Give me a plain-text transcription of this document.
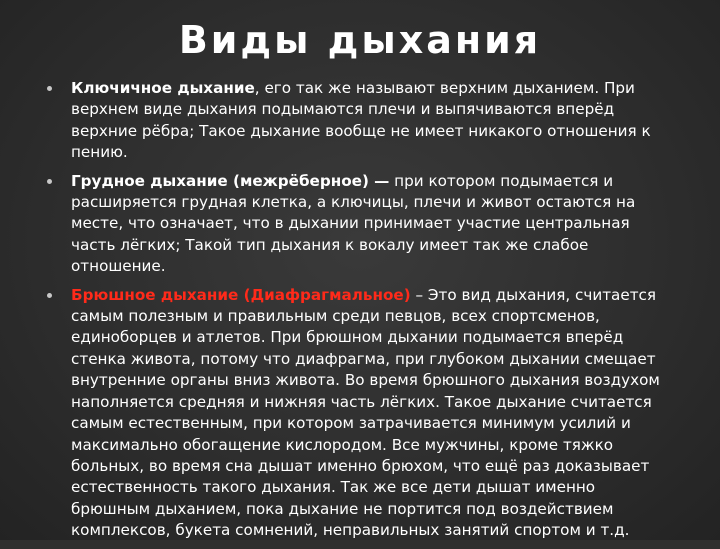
Виды дыхания
Ключичное дыхание, его так же называют верхним дыханием. При верхнем виде дыхания подымаются плечи и выпячиваются вперёд верхние рёбра; Такое дыхание вообще не имеет никакого отношения к пению.
Грудное дыхание (межрёберное) — при котором подымается и расширяется грудная клетка, а ключицы, плечи и живот остаются на месте, что означает, что в дыхании принимает участие центральная часть лёгких; Такой тип дыхания к вокалу имеет так же слабое отношение.
Брюшное дыхание (Диафрагмальное) – Это вид дыхания, считается самым полезным и правильным среди певцов, всех спортсменов, единоборцев и атлетов. При брюшном дыхании подымается вперёд стенка живота, потому что диафрагма, при глубоком дыхании смещает внутренние органы вниз живота. Во время брюшного дыхания воздухом наполняется средняя и нижняя часть лёгких. Такое дыхание считается самым естественным, при котором затрачивается минимум усилий и максимально обогащение кислородом. Все мужчины, кроме тяжко больных, во время сна дышат именно брюхом, что ещё раз доказывает естественность такого дыхания. Так же все дети дышат именно брюшным дыханием, пока дыхание не портится под воздействием комплексов, букета сомнений, неправильных занятий спортом и т.д.
